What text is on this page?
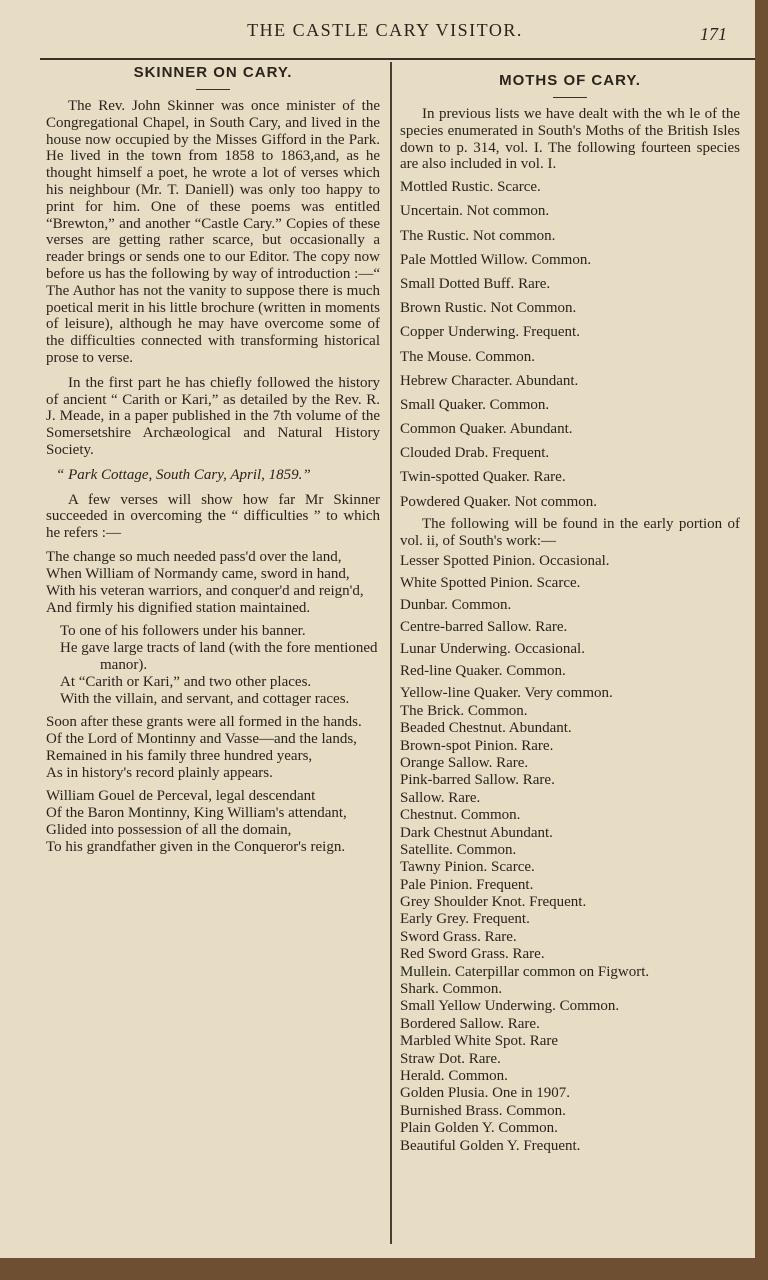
THE CASTLE CARY VISITOR.	171
SKINNER ON CARY.

The Rev. John Skinner was once minister of the Congregational Chapel, in South Cary, and lived in the house now occupied by the Misses Gifford in the Park. He lived in the town from 1858 to 1863,and, as he thought himself a poet, he wrote a lot of verses which his neighbour (Mr. T. Daniell) was only too happy to print for him. One of these poems was entitled “Brewton,” and another “Castle Cary.” Copies of these verses are getting rather scarce, but occasionally a reader brings or sends one to our Editor. The copy now before us has the following by way of introduction :—“ The Author has not the vanity to suppose there is much poetical merit in his little brochure (written in moments of leisure), although he may have overcome some of the difficulties connected with transforming historical prose to verse.

In the first part he has chiefly followed the history of ancient “ Carith or Kari,” as detailed by the Rev. R. J. Meade, in a paper published in the 7th volume of the Somersetshire Archæological and Natural History Society.

“ Park Cottage, South Cary, April, 1859.”

A few verses will show how far Mr Skinner succeeded in overcoming the “ difficulties ” to which he refers :—

The change so much needed pass'd over the land,
When William of Normandy came, sword in hand,
With his veteran warriors, and conquer'd and reign'd,
And firmly his dignified station maintained.
To one of his followers under his banner.
He gave large tracts of land (with the fore mentioned manor).
At “Carith or Kari,” and two other places.
With the villain, and servant, and cottager races.
Soon after these grants were all formed in the hands.
Of the Lord of Montinny and Vasse—and the lands,
Remained in his family three hundred years,
As in history's record plainly appears.
William Gouel de Perceval, legal descendant
Of the Baron Montinny, King William's attendant,
Glided into possession of all the domain,
To his grandfather given in the Conqueror's reign.
MOTHS OF CARY.

In previous lists we have dealt with the wh le of the species enumerated in South's Moths of the British Isles down to p. 314, vol. I. The following fourteen species are also included in vol. I.

Mottled Rustic. Scarce.
Uncertain. Not common.
The Rustic. Not common.
Pale Mottled Willow. Common.
Small Dotted Buff. Rare.
Brown Rustic. Not Common.
Copper Underwing. Frequent.
The Mouse. Common.
Hebrew Character. Abundant.
Small Quaker. Common.
Common Quaker. Abundant.
Clouded Drab. Frequent.
Twin-spotted Quaker. Rare.
Powdered Quaker. Not common.

The following will be found in the early portion of vol. ii, of South's work:—

Lesser Spotted Pinion. Occasional.
White Spotted Pinion. Scarce.
Dunbar. Common.
Centre-barred Sallow. Rare.
Lunar Underwing. Occasional.
Red-line Quaker. Common.
Yellow-line Quaker. Very common.
The Brick. Common.
Beaded Chestnut. Abundant.
Brown-spot Pinion. Rare.
Orange Sallow. Rare.
Pink-barred Sallow. Rare.
Sallow. Rare.
Chestnut. Common.
Dark Chestnut Abundant.
Satellite. Common.
Tawny Pinion. Scarce.
Pale Pinion. Frequent.
Grey Shoulder Knot. Frequent.
Early Grey. Frequent.
Sword Grass. Rare.
Red Sword Grass. Rare.
Mullein. Caterpillar common on Figwort.
Shark. Common.
Small Yellow Underwing. Common.
Bordered Sallow. Rare.
Marbled White Spot. Rare
Straw Dot. Rare.
Herald. Common.
Golden Plusia. One in 1907.
Burnished Brass. Common.
Plain Golden Y. Common.
Beautiful Golden Y. Frequent.
